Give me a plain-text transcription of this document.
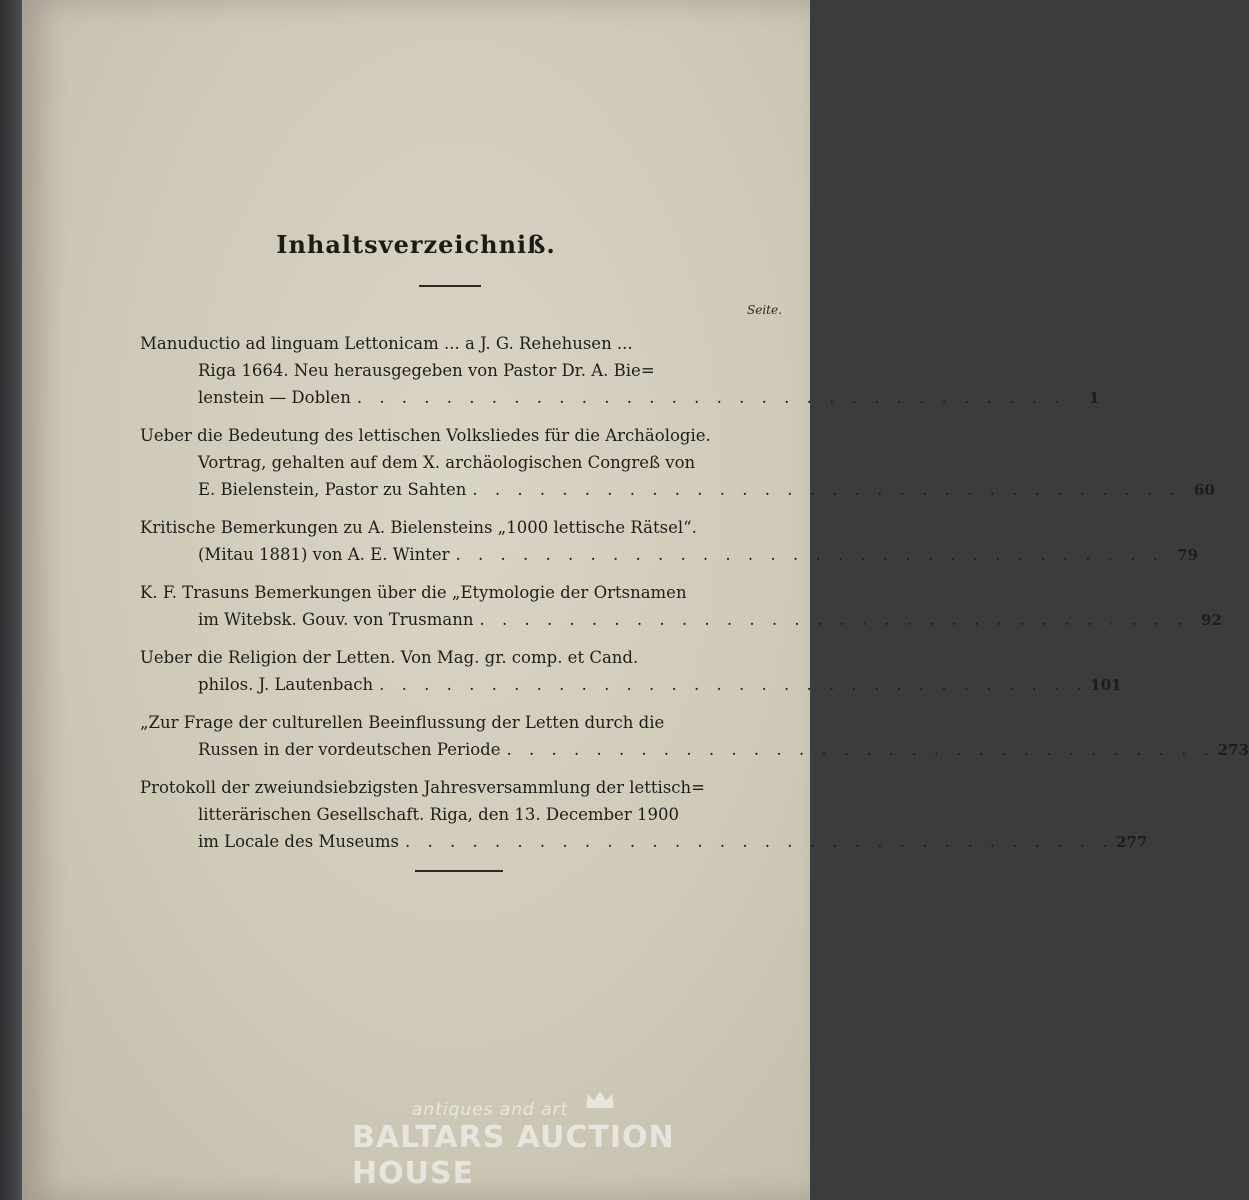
Inhaltsverzeichniß.
Seite.
Manuductio ad linguam Lettonicam ... a J. G. Rehehusen ...
Riga 1664. Neu herausgegeben von Pastor Dr. A. Bie=
lenstein — Doblen . . . . . . . . . . . . . . . . . . . . . . . . . . . . . . . .	1
Ueber die Bedeutung des lettischen Volksliedes für die Archäologie.
Vortrag, gehalten auf dem X. archäologischen Congreß von
E. Bielenstein, Pastor zu Sahten . . . . . . . . . . . . . . . . . . . . . . . . . . . . . . . . 60
Kritische Bemerkungen zu A. Bielensteins „1000 lettische Rätsel“.
(Mitau 1881) von A. E. Winter . . . . . . . . . . . . . . . . . . . . . . . . . . . . . . . . 79
K. F. Trasuns Bemerkungen über die „Etymologie der Ortsnamen
im Witebsk. Gouv. von Trusmann . . . . . . . . . . . . . . . . . . . . . . . . . . . . . . . . 92
Ueber die Religion der Letten. Von Mag. gr. comp. et Cand.
philos. J. Lautenbach . . . . . . . . . . . . . . . . . . . . . . . . . . . . . . . . 101
„Zur Frage der culturellen Beeinflussung der Letten durch die
Russen in der vordeutschen Periode . . . . . . . . . . . . . . . . . . . . . . . . . . . . . . . . 273
Protokoll der zweiundsiebzigsten Jahresversammlung der lettisch=
litterärischen Gesellschaft. Riga, den 13. December 1900
im Locale des Museums . . . . . . . . . . . . . . . . . . . . . . . . . . . . . . . . 277
antiques and art
BALTARS AUCTION HOUSE
